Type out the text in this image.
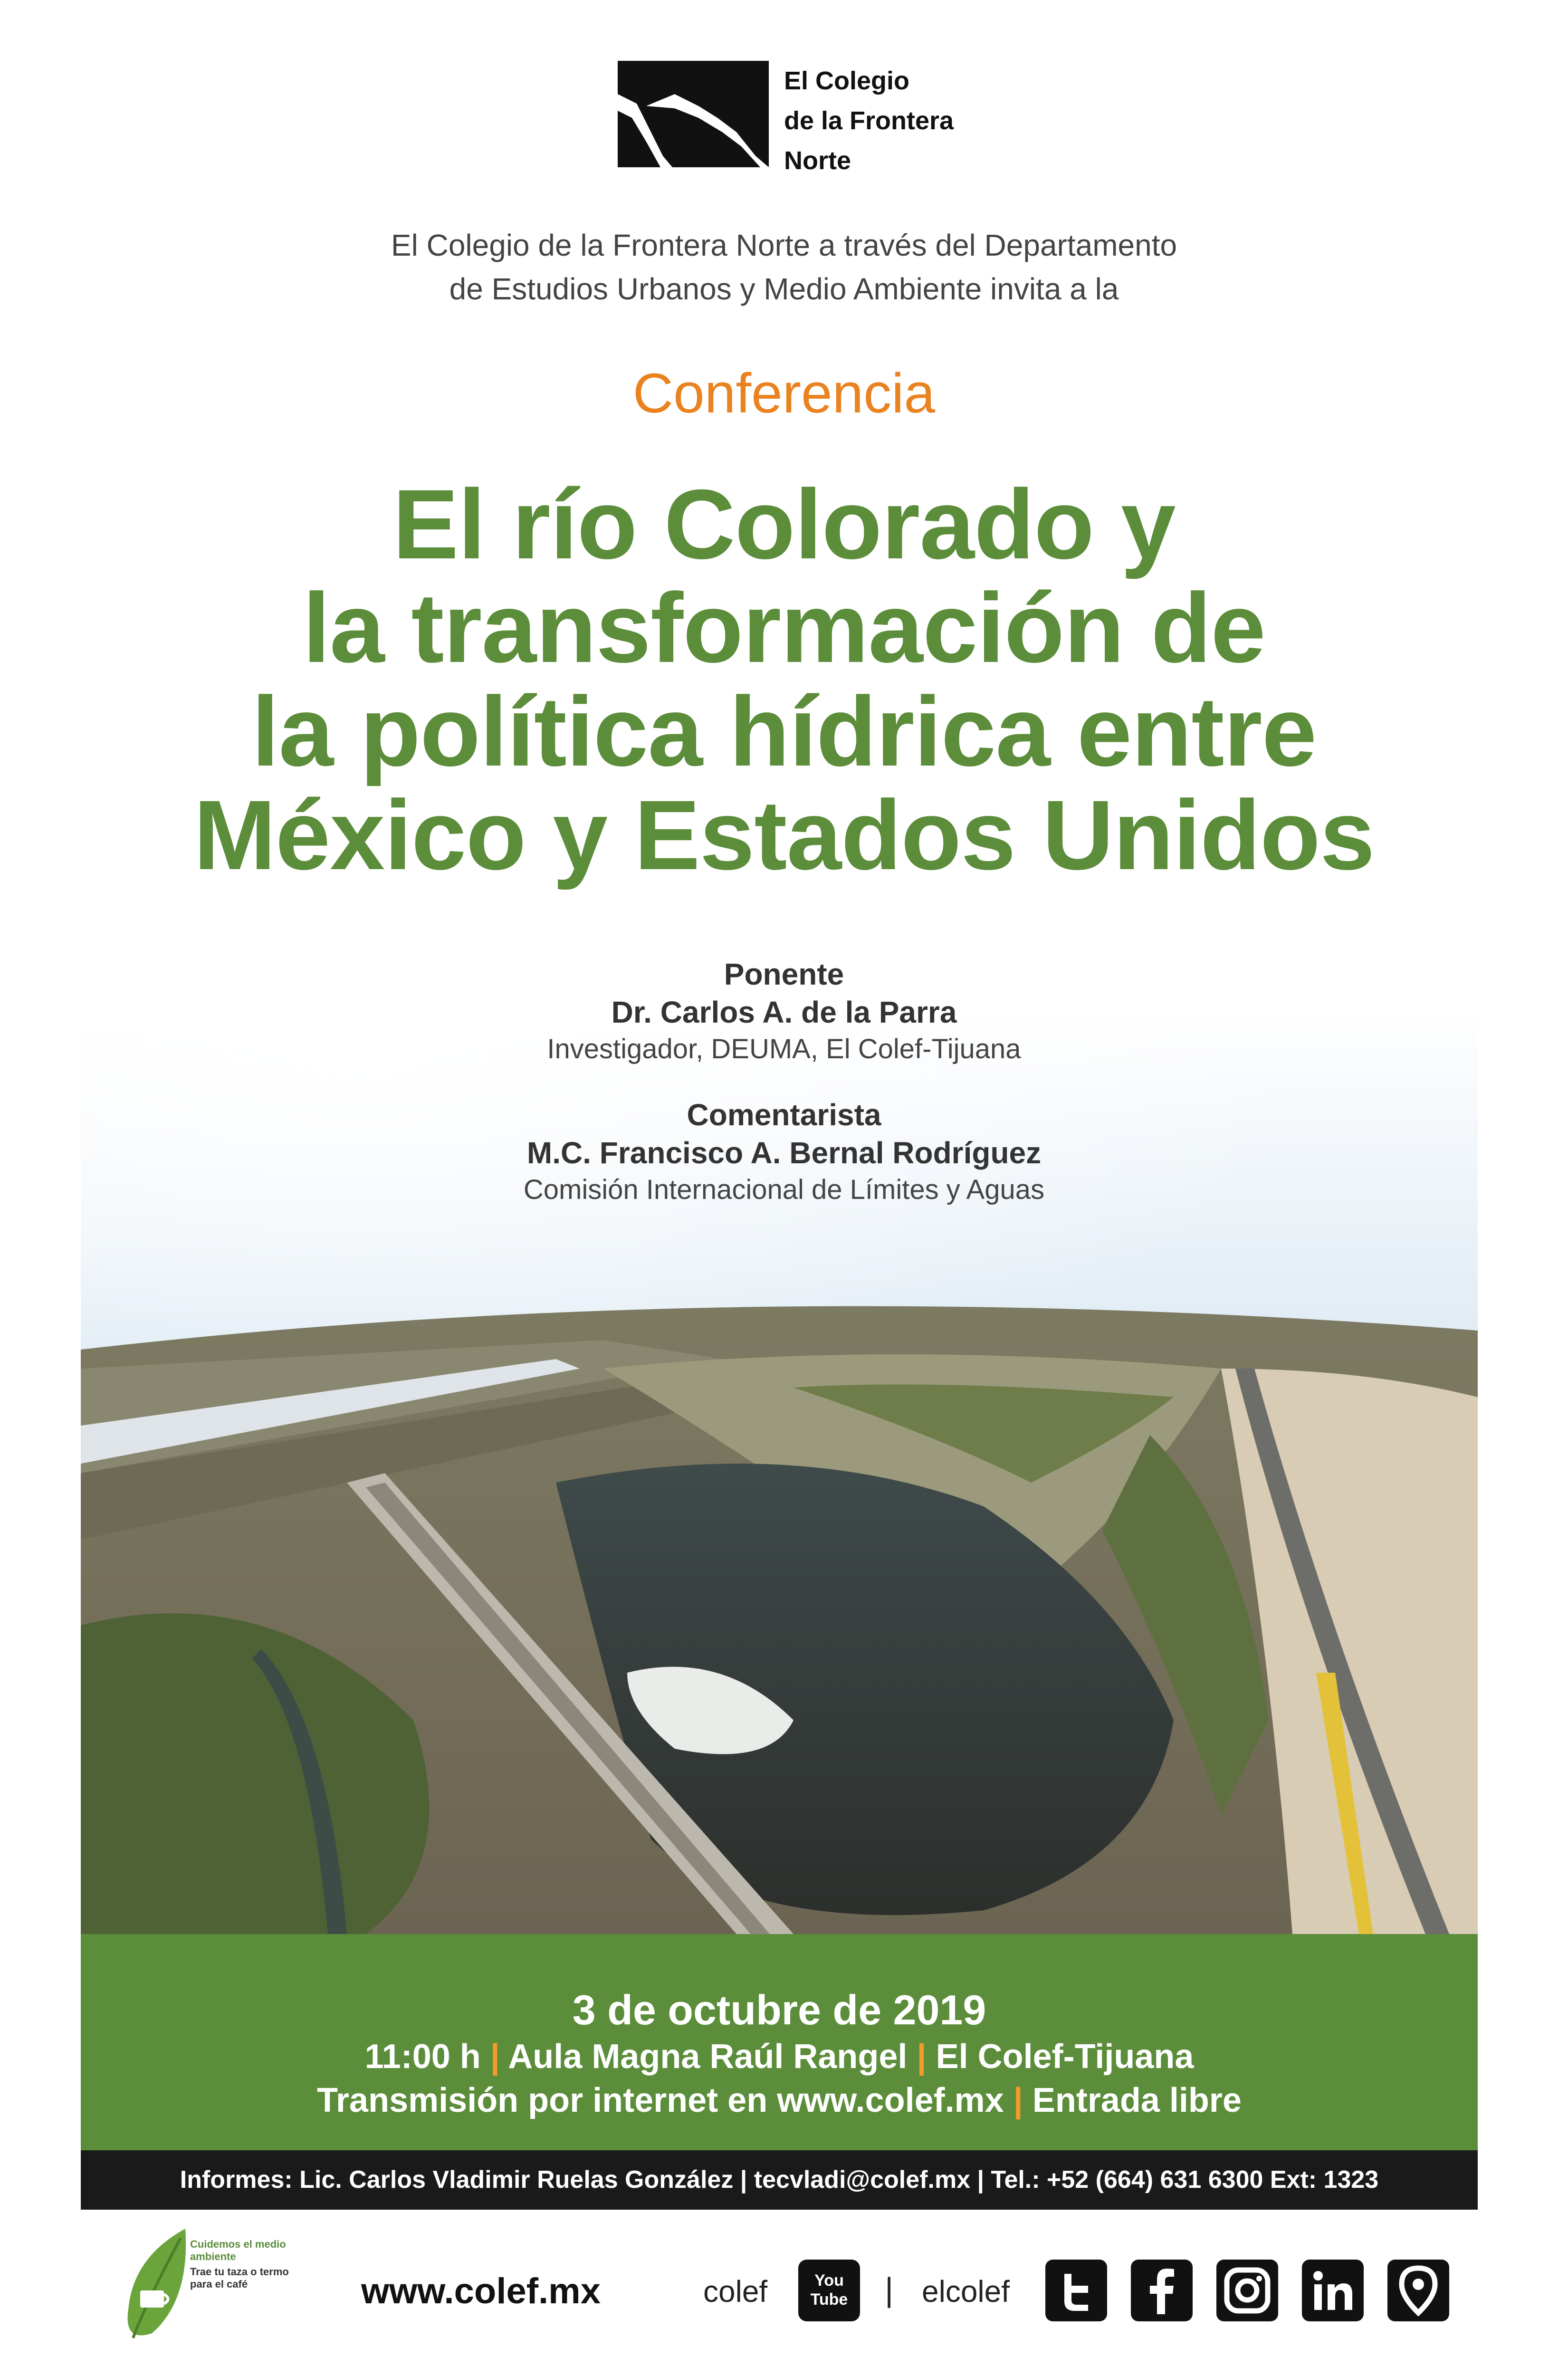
El Colegio
de la Frontera
Norte
El Colegio de la Frontera Norte a través del Departamento
de Estudios Urbanos y Medio Ambiente invita a la
Conferencia
El río Colorado y
la transformación de
la política hídrica entre
México y Estados Unidos
Ponente
Dr. Carlos A. de la Parra
Investigador, DEUMA, El Colef-Tijuana
Comentarista
M.C. Francisco A. Bernal Rodríguez
Comisión Internacional de Límites y Aguas
3 de octubre de 2019
11:00 h | Aula Magna Raúl Rangel | El Colef-Tijuana
Transmisión por internet en www.colef.mx | Entrada libre
Informes: Lic. Carlos Vladimir Ruelas González | tecvladi@colef.mx | Tel.: +52 (664) 631 6300 Ext: 1323
Cuidemos el medio ambiente
Trae tu taza o termo para el café	www.colef.mx	colef	You
Tube	| elcolef
